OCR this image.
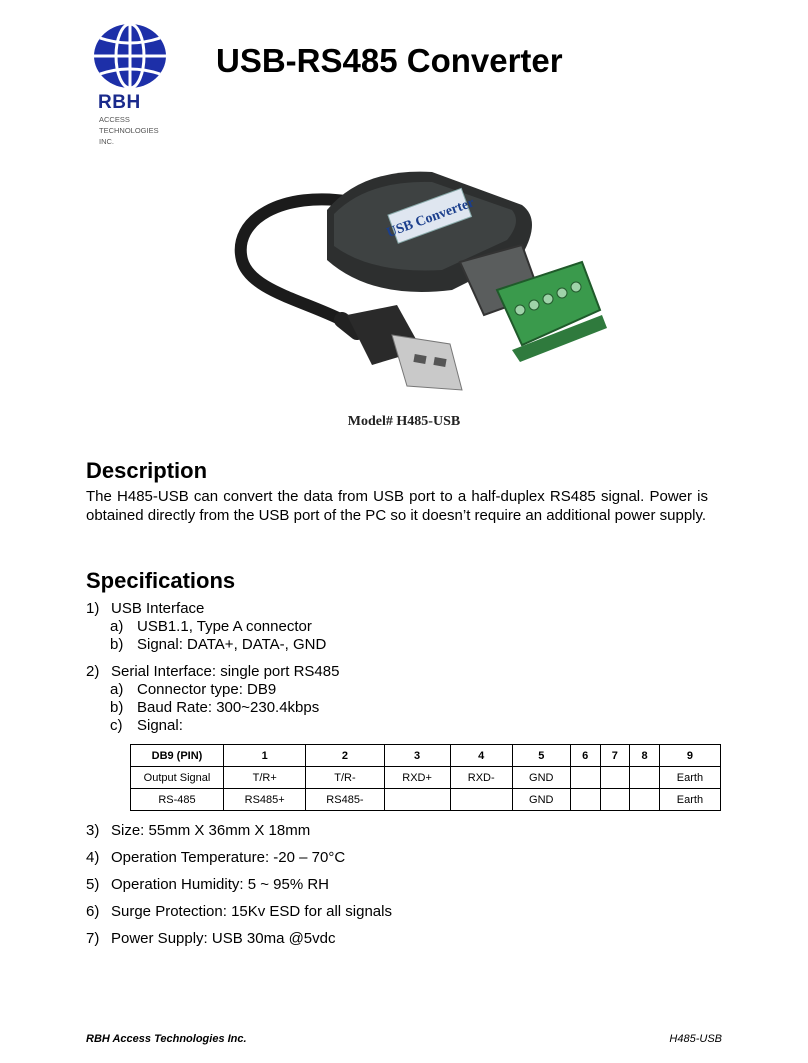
RBH
ACCESS
TECHNOLOGIES
INC.
USB-RS485 Converter
USB Converter
Model# H485-USB
Description

The H485-USB can convert the data from USB port to a half-duplex RS485 signal. Power is obtained directly from the USB port of the PC so it doesn’t require an additional power supply.

Specifications
1) USB Interface
a) USB1.1, Type A connector
b) Signal: DATA+, DATA-, GND
2) Serial Interface: single port RS485
a) Connector type: DB9
b) Baud Rate: 300~230.4kbps
c) Signal:
DB9 (PIN)	1	2	3	4	5	6	7	8	9
Output Signal	T/R+	T/R-	RXD+	RXD-	GND				Earth
RS-485	RS485+	RS485-			GND				Earth
3) Size: 55mm X 36mm X 18mm
4) Operation Temperature: -20 – 70°C
5) Operation Humidity: 5 ~ 95% RH
6) Surge Protection: 15Kv ESD for all signals
7) Power Supply: USB 30ma @5vdc
RBH Access Technologies Inc.	H485-USB
